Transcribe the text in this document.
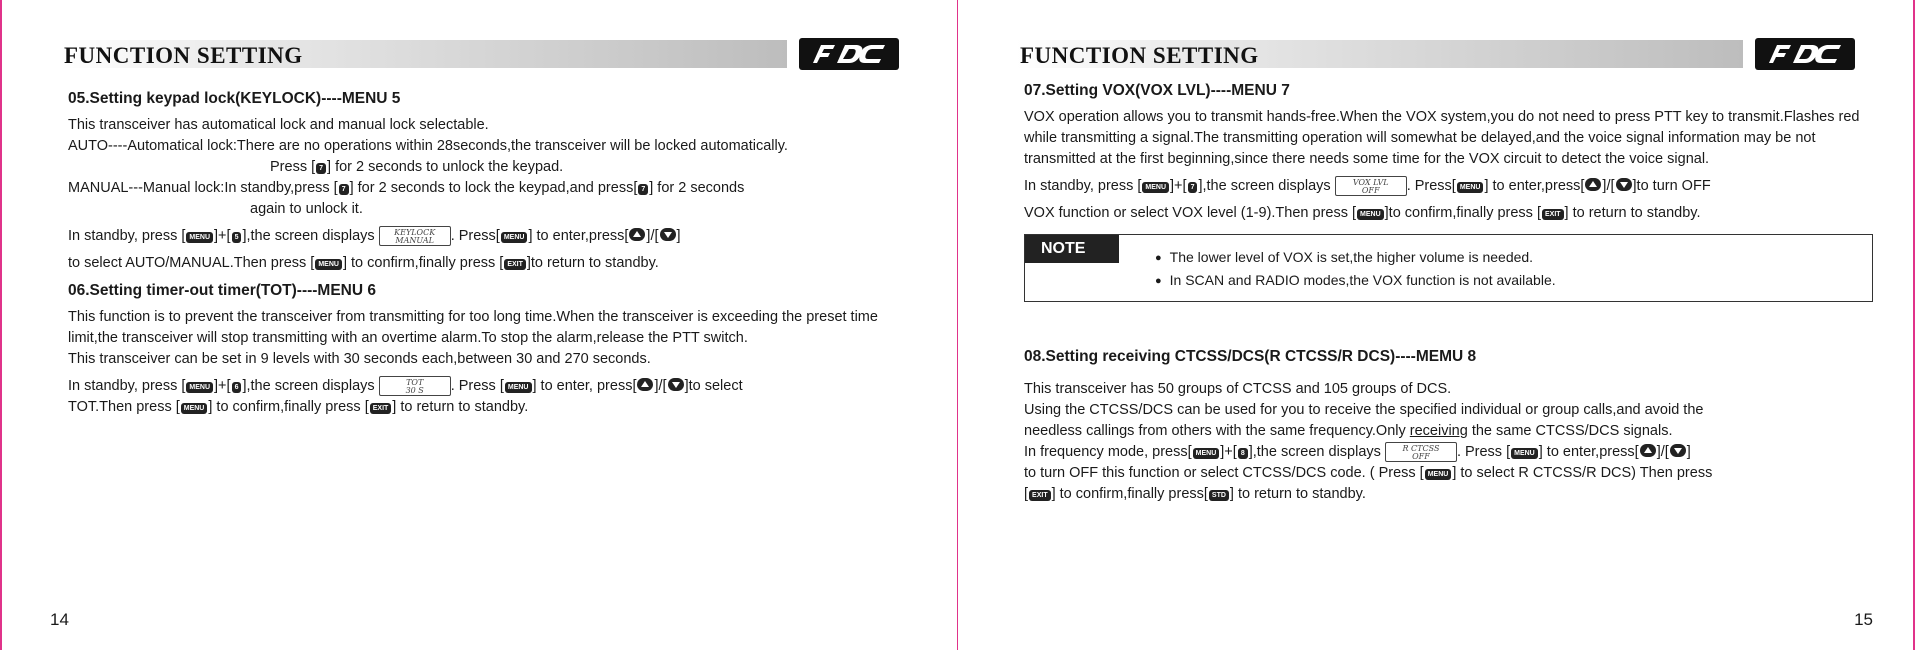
FUNCTION SETTING
05.Setting keypad lock(KEYLOCK)----MENU 5

This transceiver has automatical lock and manual lock selectable.

AUTO----Automatical lock:There are no operations within 28seconds,the transceiver will be locked automatically.

Press [ 7 ] for 2 seconds to unlock the keypad.

MANUAL---Manual lock:In standby,press [ 7 ] for 2 seconds to lock the keypad,and press[ 7 ] for 2 seconds

again to unlock it.

In standby, press [ MENU ]+[ 5 ],the screen displays	KEYLOCK
MANUAL	. Press[ MENU ] to enter,press[ ]/[ ]

to select AUTO/MANUAL.Then press [ MENU ] to confirm,finally press [ EXIT ]to return to standby.

06.Setting timer-out timer(TOT)----MENU 6

This function is to prevent the transceiver from transmitting for too long time.When the transceiver is exceeding the preset time limit,the transceiver will stop transmitting with an overtime alarm.To stop the alarm,release the PTT switch.

This transceiver can be set in 9 levels with 30 seconds each,between 30 and 270 seconds.

In standby, press [ MENU ]+[ 6 ],the screen displays	TOT
30 S	. Press [ MENU ] to enter, press[ ]/[ ]to select

TOT.Then press [ MENU ] to confirm,finally press [ EXIT ] to return to standby.

14
FUNCTION SETTING
07.Setting VOX(VOX LVL)----MENU 7

VOX operation allows you to transmit hands-free.When the VOX system,you do not need to press PTT key to transmit.Flashes red while transmitting a signal.The transmitting operation will somewhat be delayed,and the voice signal information may be not transmitted at the first beginning,since there needs some time for the VOX circuit to detect the voice signal.

In standby, press [ MENU ]+[ 7 ],the screen displays	VOX LVL
OFF	. Press[ MENU ] to enter,press[ ]/[ ]to turn OFF

VOX function or select VOX level (1-9).Then press [ MENU ]to confirm,finally press [ EXIT ] to return to standby.

NOTE
●	The lower level of VOX is set,the higher volume is needed.
● In SCAN and RADIO modes,the VOX function is not available.
08.Setting receiving CTCSS/DCS(R CTCSS/R DCS)----MEMU 8

This transceiver has 50 groups of CTCSS and 105 groups of DCS.

Using the CTCSS/DCS can be used for you to receive the specified individual or group calls,and avoid the

needless callings from others with the same frequency.Only receiving the same CTCSS/DCS signals.

In frequency mode, press[ MENU ]+[ 8 ],the screen displays	R CTCSS
OFF	. Press [ MENU ] to enter,press[ ]/[ ]

to turn OFF this function or select CTCSS/DCS code. ( Press [ MENU ] to select R CTCSS/R DCS) Then press

[ EXIT ] to confirm,finally press[ STD ] to return to standby.

15
